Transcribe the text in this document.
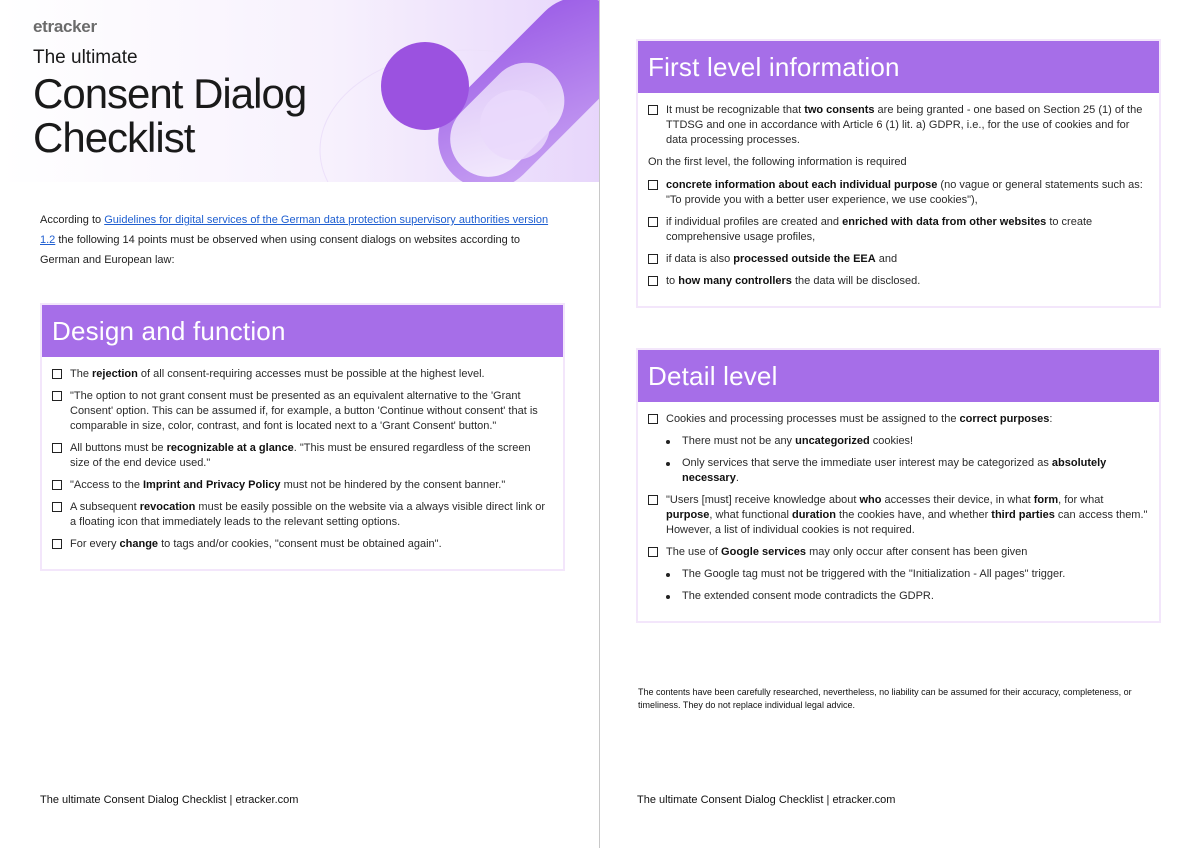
etracker
The ultimate
Consent Dialog Checklist
According to Guidelines for digital services of the German data protection supervisory authorities version 1.2 the following 14 points must be observed when using consent dialogs on websites according to German and European law:
Design and function
The rejection of all consent-requiring accesses must be possible at the highest level.
"The option to not grant consent must be presented as an equivalent alternative to the 'Grant Consent' option. This can be assumed if, for example, a button 'Continue without consent' that is comparable in size, color, contrast, and font is located next to a 'Grant Consent' button."
All buttons must be recognizable at a glance. "This must be ensured regardless of the screen size of the end device used."
"Access to the Imprint and Privacy Policy must not be hindered by the consent banner."
A subsequent revocation must be easily possible on the website via a always visible direct link or a floating icon that immediately leads to the relevant setting options.
For every change to tags and/or cookies, "consent must be obtained again".
The ultimate Consent Dialog Checklist | etracker.com
First level information
It must be recognizable that two consents are being granted - one based on Section 25 (1) of the TTDSG and one in accordance with Article 6 (1) lit. a) GDPR, i.e., for the use of cookies and for data processing processes.
On the first level, the following information is required
concrete information about each individual purpose (no vague or general statements such as: "To provide you with a better user experience, we use cookies"),
if individual profiles are created and enriched with data from other websites to create comprehensive usage profiles,
if data is also processed outside the EEA and
to how many controllers the data will be disclosed.
Detail level
Cookies and processing processes must be assigned to the correct purposes:
There must not be any uncategorized cookies!
Only services that serve the immediate user interest may be categorized as absolutely necessary.
"Users [must] receive knowledge about who accesses their device, in what form, for what purpose, what functional duration the cookies have, and whether third parties can access them." However, a list of individual cookies is not required.
The use of Google services may only occur after consent has been given
The Google tag must not be triggered with the "Initialization - All pages" trigger.
The extended consent mode contradicts the GDPR.
The contents have been carefully researched, nevertheless, no liability can be assumed for their accuracy, completeness, or timeliness. They do not replace individual legal advice.
The ultimate Consent Dialog Checklist | etracker.com
